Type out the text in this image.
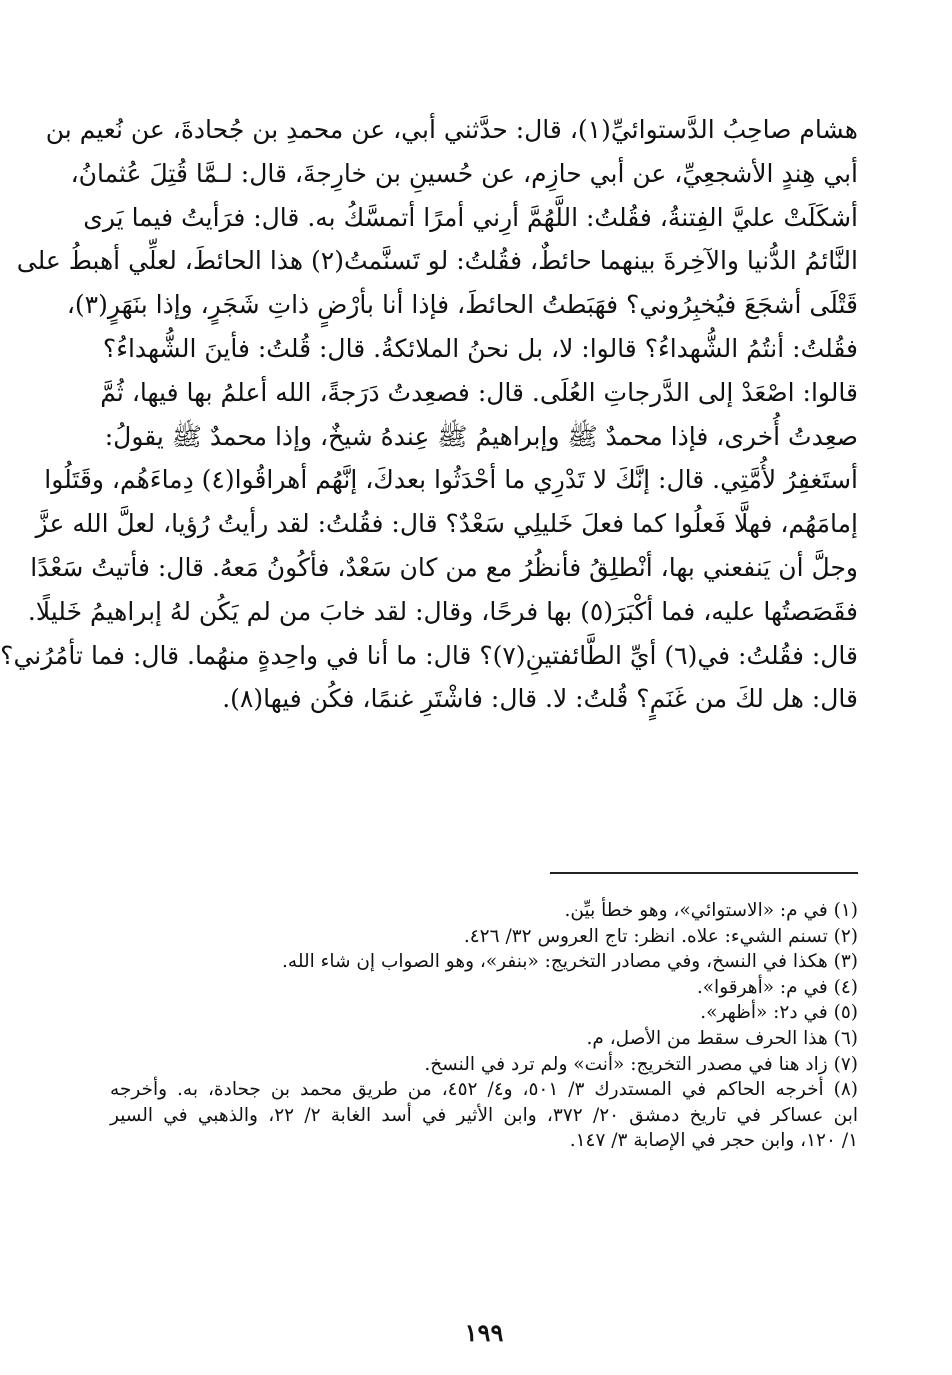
هشام صاحِبُ الدَّستوائيِّ(١)، قال: حدَّثني أبي، عن محمدِ بن جُحادةَ، عن نُعيم بن
أبي هِندٍ الأشجعِيِّ، عن أبي حازِم، عن حُسينِ بن خارِجةَ، قال: لـمَّا قُتِلَ عُثمانُ،
أشكَلَتْ عليَّ الفِتنةُ، فقُلتُ: اللَّهُمَّ أرِني أمرًا أتمسَّكُ به. قال: فرَأيتُ فيما يَرى
النَّائمُ الدُّنيا والآخِرةَ بينهما حائطٌ، فقُلتُ: لو تَسنَّمتُ(٢) هذا الحائطَ، لعلِّي أهبطُ على
قَتْلَى أشجَعَ فيُخبِرُوني؟ فهَبَطتُ الحائطَ، فإذا أنا بأرْضٍ ذاتِ شَجَرٍ، وإذا بنَهَرٍ(٣)،
فقُلتُ: أنتُمُ الشُّهداءُ؟ قالوا: لا، بل نحنُ الملائكةُ. قال: قُلتُ: فأينَ الشُّهداءُ؟
قالوا: اصْعَدْ إلى الدَّرجاتِ العُلَى. قال: فصعِدتُ دَرَجةً، الله أعلمُ بها فيها، ثُمَّ
صعِدتُ أُخرى، فإذا محمدٌ ﷺ وإبراهيمُ ﷺ عِندهُ شيخٌ، وإذا محمدٌ ﷺ يقولُ:
أستَغفِرُ لأُمَّتِي. قال: إنَّكَ لا تَدْرِي ما أحْدَثُوا بعدكَ، إنَّهُم أهراقُوا(٤) دِماءَهُم، وقَتَلُوا
إمامَهُم، فهلَّا فَعلُوا كما فعلَ خَليلِي سَعْدٌ؟ قال: فقُلتُ: لقد رأيتُ رُؤيا، لعلَّ الله عزَّ
وجلَّ أن يَنفعني بها، أنْطلِقُ فأنظُرُ مع من كان سَعْدٌ، فأكُونُ مَعهُ. قال: فأتيتُ سَعْدًا
فقَصَصتُها عليه، فما أكْبَرَ(٥) بها فرحًا، وقال: لقد خابَ من لم يَكُن لهُ إبراهيمُ خَليلًا.
قال: فقُلتُ: في(٦) أيِّ الطَّائفتينِ(٧)؟ قال: ما أنا في واحِدةٍ منهُما. قال: فما تأمُرُني؟
قال: هل لكَ من غَنَمٍ؟ قُلتُ: لا. قال: فاشْتَرِ غنمًا، فكُن فيها(٨).

(١) في م: «الاستوائي»، وهو خطأ بيِّن.

(٢) تسنم الشيء: علاه. انظر: تاج العروس ٣٢/ ٤٢٦.

(٣) هكذا في النسخ، وفي مصادر التخريج: «بنفر»، وهو الصواب إن شاء الله.

(٤) في م: «أهرقوا».

(٥) في د٢: «أظهر».

(٦) هذا الحرف سقط من الأصل، م.

(٧) زاد هنا في مصدر التخريج: «أنت» ولم ترد في النسخ.

(٨) أخرجه الحاكم في المستدرك ٣/ ٥٠١، و٤/ ٤٥٢، من طريق محمد بن جحادة، به. وأخرجه

ابن عساكر في تاريخ دمشق ٢٠/ ٣٧٢، وابن الأثير في أسد الغابة ٢/ ٢٢، والذهبي في السير

١/ ١٢٠، وابن حجر في الإصابة ٣/ ١٤٧.

١٩٩
